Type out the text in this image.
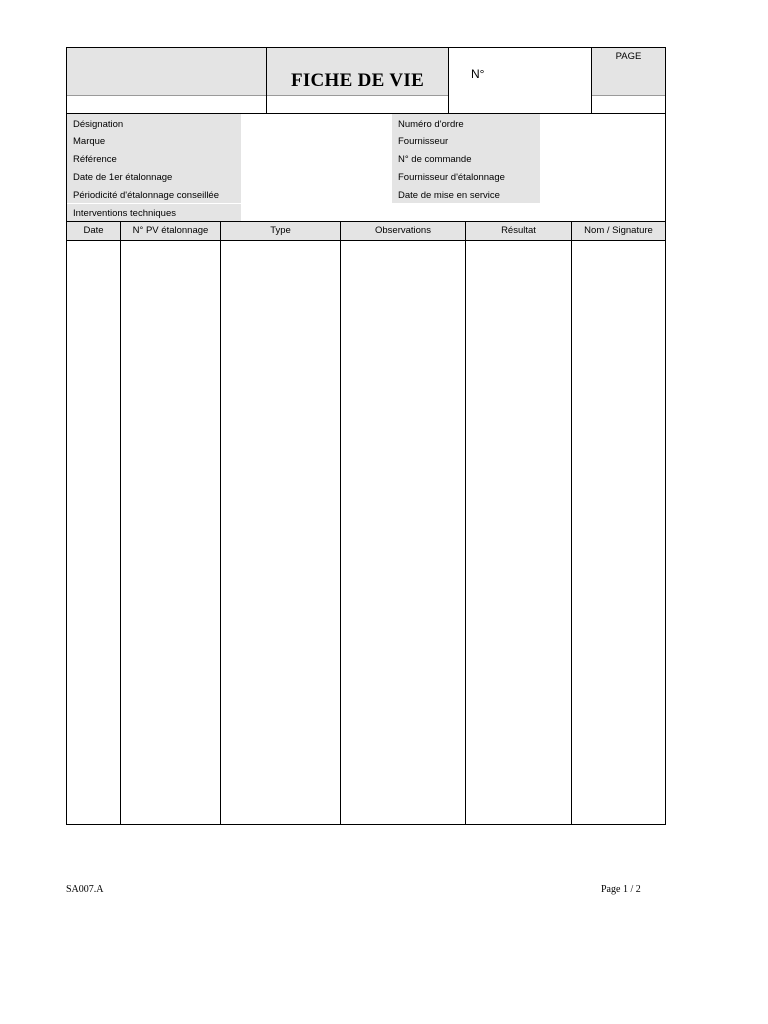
FICHE DE VIE	N°
PAGE
Désignation
Marque
Référence
Date de 1er étalonnage
Périodicité d'étalonnage conseillée
Interventions techniques
Numéro d'ordre
Fournisseur
N° de commande
Fournisseur d'étalonnage
Date de mise en service
Date	N° PV étalonnage	Type	Observations	Résultat	Nom / Signature
SA007.A	Page 1 / 2
